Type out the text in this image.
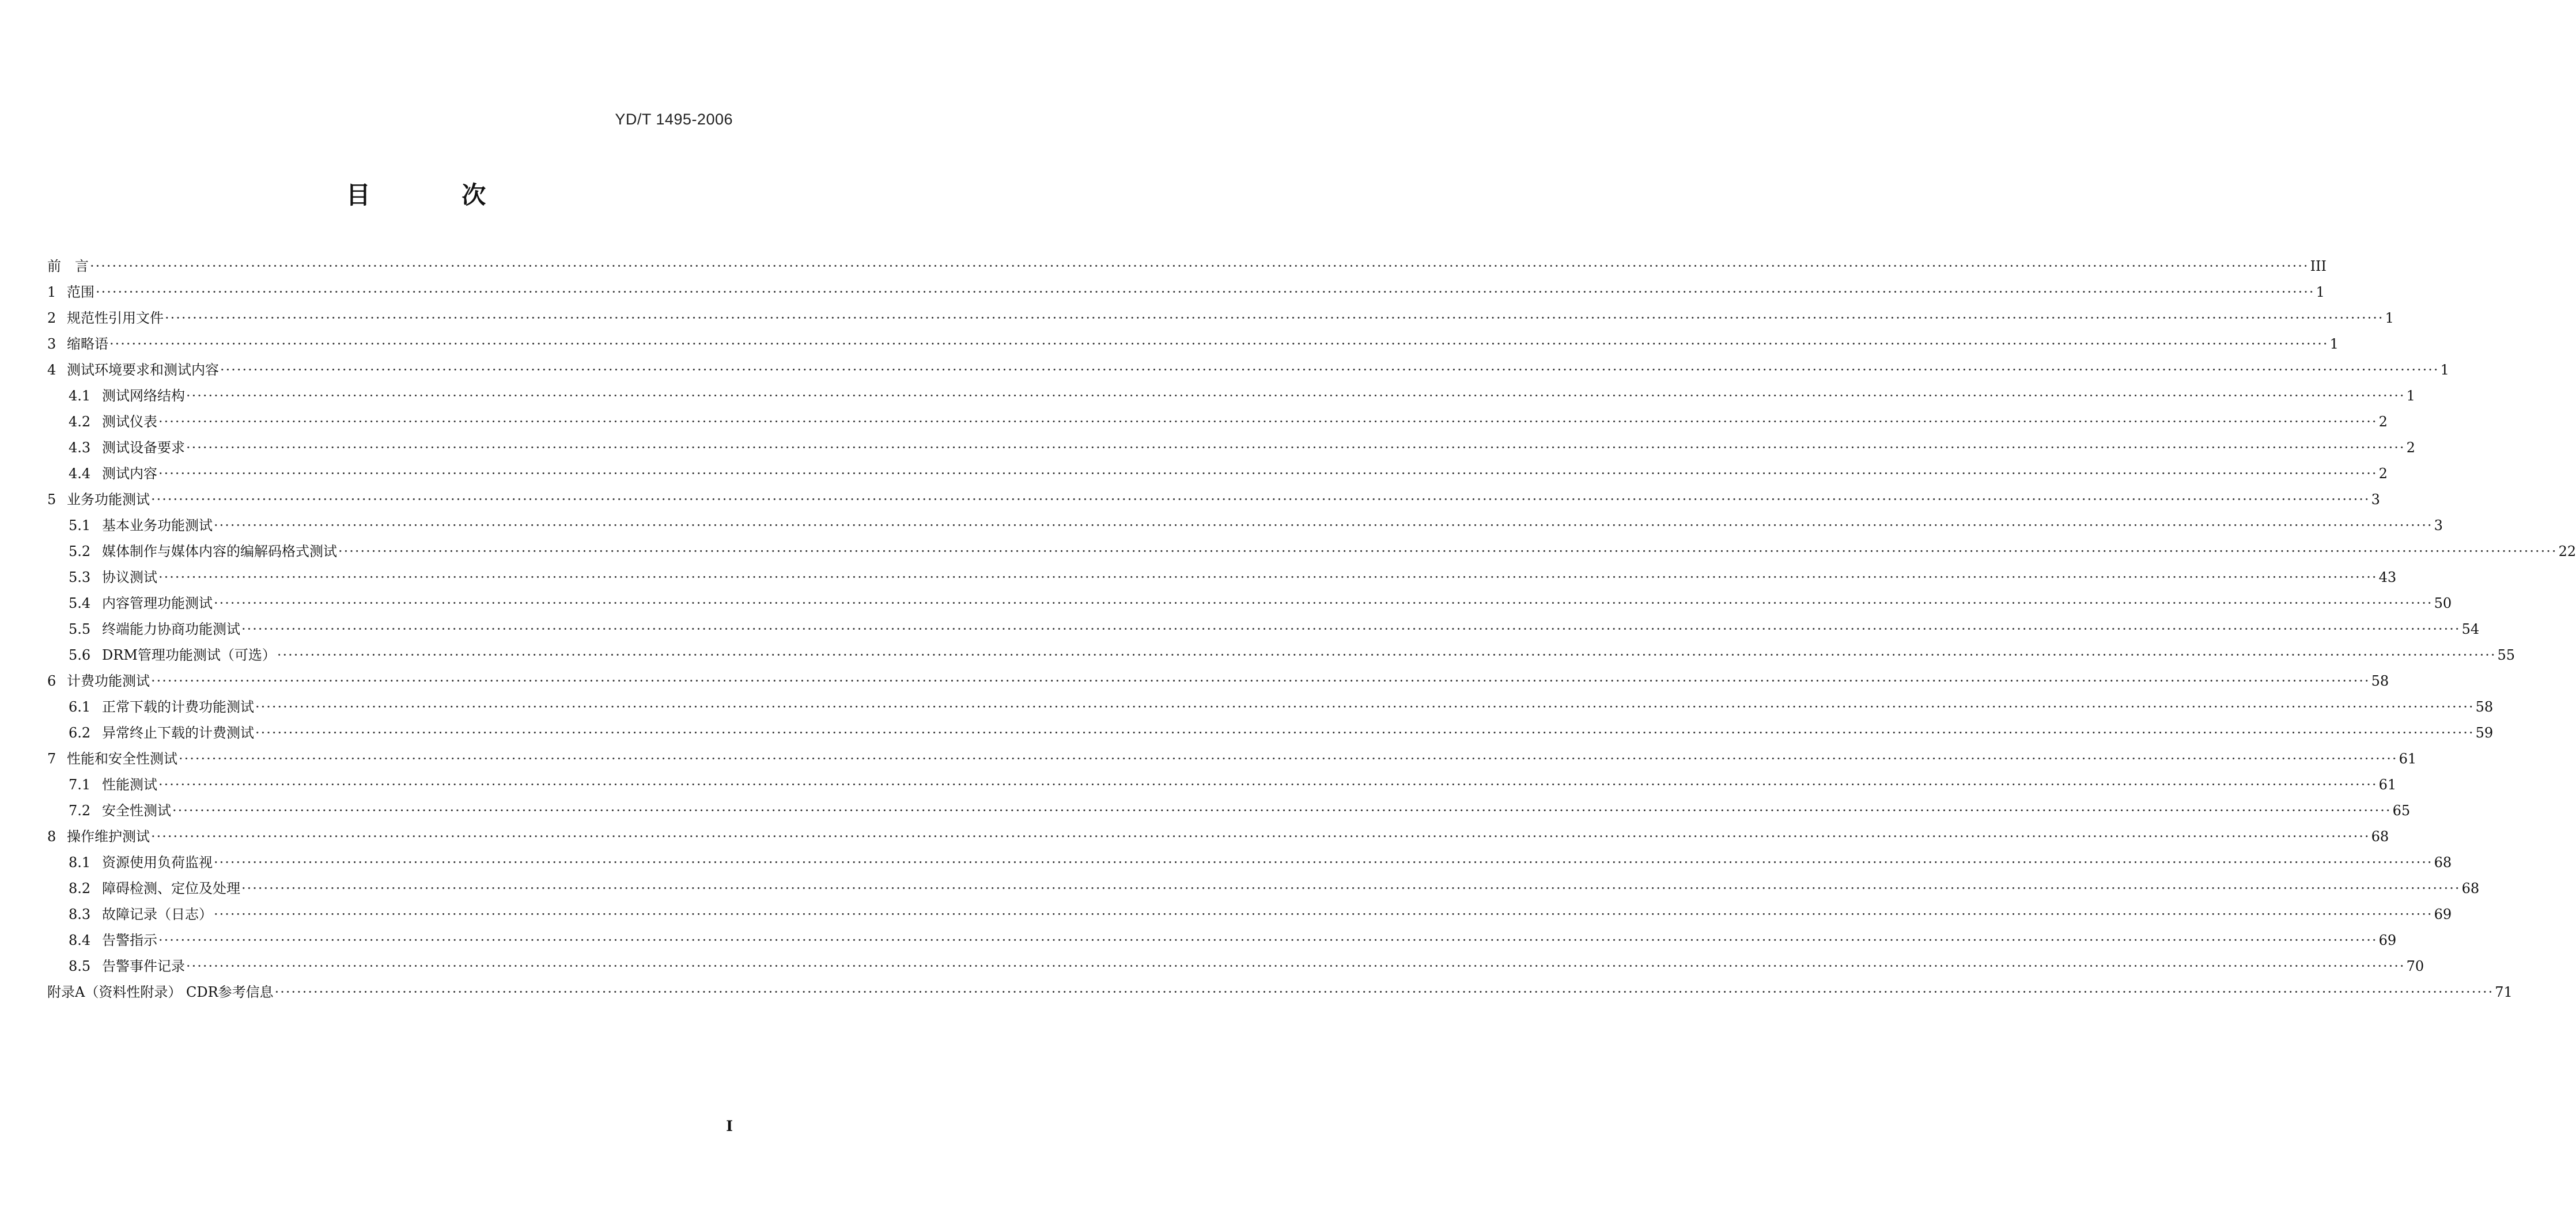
YD/T 1495-2006
目 次
前　言 ················································································································································································································································································································································································································ III
1 范围 ················································································································································································································································································································································································································ 1
2 规范性引用文件 ················································································································································································································································································································································································································ 1
3 缩略语 ················································································································································································································································································································································································································ 1
4 测试环境要求和测试内容 ················································································································································································································································································································································································································ 1
4.1 测试网络结构 ················································································································································································································································································································································································································ 1
4.2 测试仪表 ················································································································································································································································································································································································································ 2
4.3 测试设备要求 ················································································································································································································································································································································································································ 2
4.4 测试内容 ················································································································································································································································································································································································································ 2
5 业务功能测试 ················································································································································································································································································································································································································ 3
5.1 基本业务功能测试 ················································································································································································································································································································································································································ 3
5.2 媒体制作与媒体内容的编解码格式测试 ················································································································································································································································································································································································································ 22
5.3 协议测试 ················································································································································································································································································································································································································ 43
5.4 内容管理功能测试 ················································································································································································································································································································································································································ 50
5.5 终端能力协商功能测试 ················································································································································································································································································································································································································ 54
5.6 DRM管理功能测试（可选） ················································································································································································································································································································································································································ 55
6 计费功能测试 ················································································································································································································································································································································································································ 58
6.1 正常下载的计费功能测试 ················································································································································································································································································································································································································ 58
6.2 异常终止下载的计费测试 ················································································································································································································································································································································································································ 59
7 性能和安全性测试 ················································································································································································································································································································································································································ 61
7.1 性能测试 ················································································································································································································································································································································································································ 61
7.2 安全性测试 ················································································································································································································································································································································································································ 65
8 操作维护测试 ················································································································································································································································································································································································································ 68
8.1 资源使用负荷监视 ················································································································································································································································································································································································································ 68
8.2 障碍检测、定位及处理 ················································································································································································································································································································································································································ 68
8.3 故障记录（日志） ················································································································································································································································································································································································································ 69
8.4 告警指示 ················································································································································································································································································································································································································ 69
8.5 告警事件记录 ················································································································································································································································································································································································································ 70
附录A（资料性附录） CDR参考信息 ················································································································································································································································································································································································································ 71
I
